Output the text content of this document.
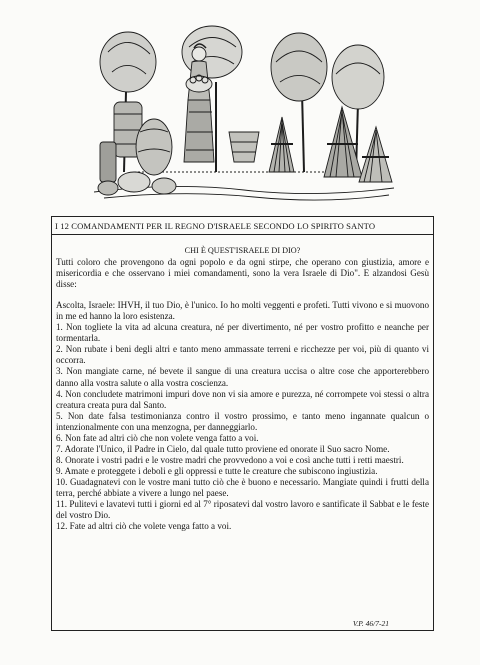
I 12 COMANDAMENTI PER IL REGNO D'ISRAELE SECONDO LO SPIRITO SANTO
CHI È QUEST'ISRAELE DI DIO?

Tutti coloro che provengono da ogni popolo e da ogni stirpe, che operano con giustizia, amore e misericordia e che osservano i miei comandamenti, sono la vera Israele di Dio". E alzandosi Gesù disse:

Ascolta, Israele: IHVH, il tuo Dio, è l'unico. Io ho molti veggenti e profeti. Tutti vivono e si muovono in me ed hanno la loro esistenza.

1. Non togliete la vita ad alcuna creatura, né per divertimento, né per vostro profitto e neanche per tormentarla.

2. Non rubate i beni degli altri e tanto meno ammassate terreni e ricchezze per voi, più di quanto vi occorra.

3. Non mangiate carne, né bevete il sangue di una creatura uccisa o altre cose che apporterebbero danno alla vostra salute o alla vostra coscienza.

4. Non concludete matrimoni impuri dove non vi sia amore e purezza, né corrompete voi stessi o altra creatura creata pura dal Santo.

5. Non date falsa testimonianza contro il vostro prossimo, e tanto meno ingannate qualcun o intenzionalmente con una menzogna, per danneggiarlo.

6. Non fate ad altri ciò che non volete venga fatto a voi.

7. Adorate l'Unico, il Padre in Cielo, dal quale tutto proviene ed onorate il Suo sacro Nome.

8. Onorate i vostri padri e le vostre madri che provvedono a voi e così anche tutti i retti maestri.

9. Amate e proteggete i deboli e gli oppressi e tutte le creature che subiscono ingiustizia.

10. Guadagnatevi con le vostre mani tutto ciò che è buono e necessario. Mangiate quindi i frutti della terra, perché abbiate a vivere a lungo nel paese.

11. Pulitevi e lavatevi tutti i giorni ed al 7° riposatevi dal vostro lavoro e santificate il Sabbat e le feste del vostro Dio.

12. Fate ad altri ciò che volete venga fatto a voi.

V.P. 46/7-21
